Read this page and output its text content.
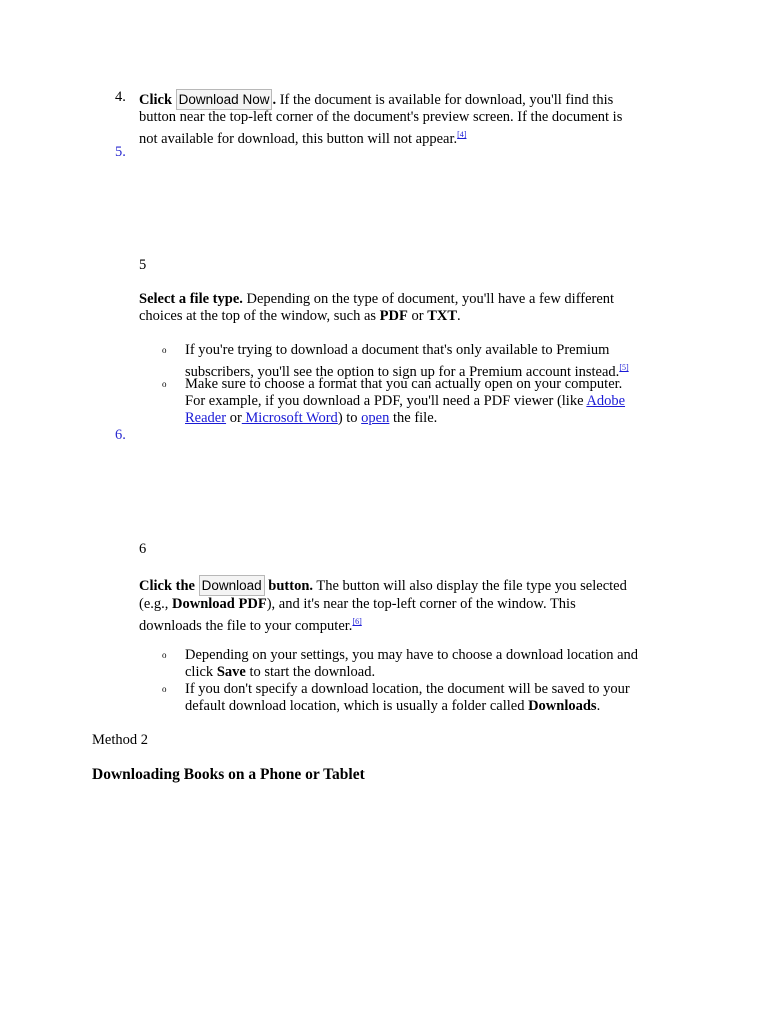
4. Click Download Now . If the document is available for download, you'll find this
button near the top-left corner of the document's preview screen. If the document is
not available for download, this button will not appear.[4]
5.
5
Select a file type. Depending on the type of document, you'll have a few different
choices at the top of the window, such as PDF or TXT.
o If you're trying to download a document that's only available to Premium
subscribers, you'll see the option to sign up for a Premium account instead.[5]
o Make sure to choose a format that you can actually open on your computer.
For example, if you download a PDF, you'll need a PDF viewer (like Adobe
Reader or Microsoft Word) to open the file.
6.
6
Click the Download button. The button will also display the file type you selected
(e.g., Download PDF), and it's near the top-left corner of the window. This
downloads the file to your computer.[6]
o Depending on your settings, you may have to choose a download location and
click Save to start the download.
o If you don't specify a download location, the document will be saved to your
default download location, which is usually a folder called Downloads.
Method 2
Downloading Books on a Phone or Tablet
